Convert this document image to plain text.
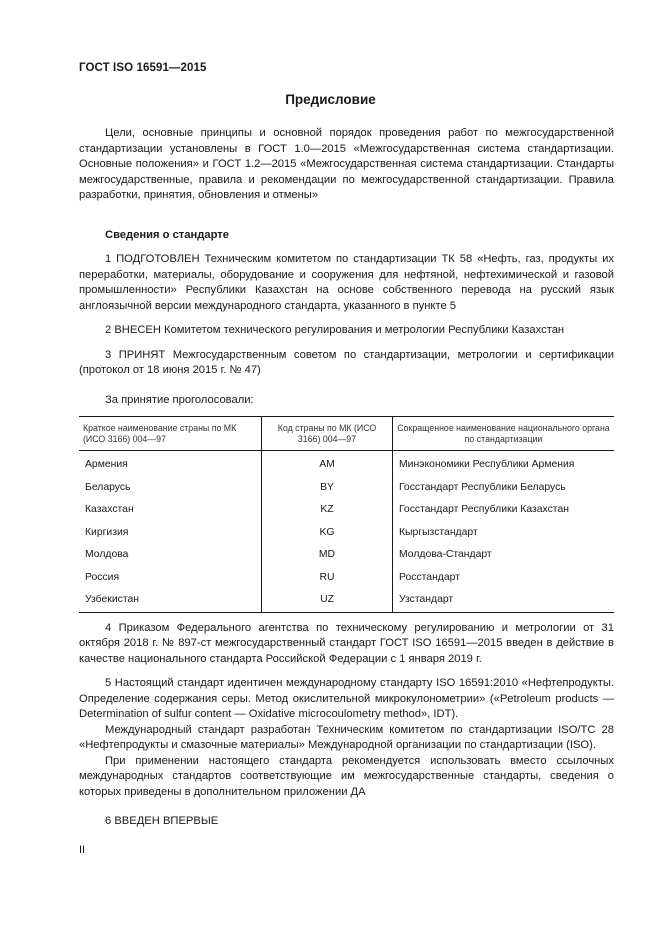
ГОСТ ISO 16591—2015
Предисловие

Цели, основные принципы и основной порядок проведения работ по межгосударственной стандартизации установлены в ГОСТ 1.0—2015 «Межгосударственная система стандартизации. Основные положения» и ГОСТ 1.2—2015 «Межгосударственная система стандартизации. Стандарты межгосударственные, правила и рекомендации по межгосударственной стандартизации. Правила разработки, принятия, обновления и отмены»

Сведения о стандарте

1 ПОДГОТОВЛЕН Техническим комитетом по стандартизации ТК 58 «Нефть, газ, продукты их переработки, материалы, оборудование и сооружения для нефтяной, нефтехимической и газовой промышленности» Республики Казахстан на основе собственного перевода на русский язык англоязычной версии международного стандарта, указанного в пункте 5

2 ВНЕСЕН Комитетом технического регулирования и метрологии Республики Казахстан

3 ПРИНЯТ Межгосударственным советом по стандартизации, метрологии и сертификации (протокол от 18 июня 2015 г. № 47)

За принятие проголосовали:

Краткое наименование страны по МК (ИСО 3166) 004—97	Код страны по МК (ИСО 3166) 004—97	Сокращенное наименование национального органа по стандартизации
Армения	AM	Минэкономики Республики Армения
Беларусь	BY	Госстандарт Республики Беларусь
Казахстан	KZ	Госстандарт Республики Казахстан
Киргизия	KG	Кыргызстандарт
Молдова	MD	Молдова-Стандарт
Россия	RU	Росстандарт
Узбекистан	UZ	Узстандарт

4 Приказом Федерального агентства по техническому регулированию и метрологии от 31 октября 2018 г. № 897-ст межгосударственный стандарт ГОСТ ISO 16591—2015 введен в действие в качестве национального стандарта Российской Федерации с 1 января 2019 г.

5 Настоящий стандарт идентичен международному стандарту ISO 16591:2010 «Нефтепродукты. Определение содержания серы. Метод окислительной микрокулонометрии» («Petroleum products — Determination of sulfur content — Oxidative microcoulometry method», IDT).

Международный стандарт разработан Техническим комитетом по стандартизации ISO/TC 28 «Нефтепродукты и смазочные материалы» Международной организации по стандартизации (ISO).

При применении настоящего стандарта рекомендуется использовать вместо ссылочных международных стандартов соответствующие им межгосударственные стандарты, сведения о которых приведены в дополнительном приложении ДА

6 ВВЕДЕН ВПЕРВЫЕ

II
